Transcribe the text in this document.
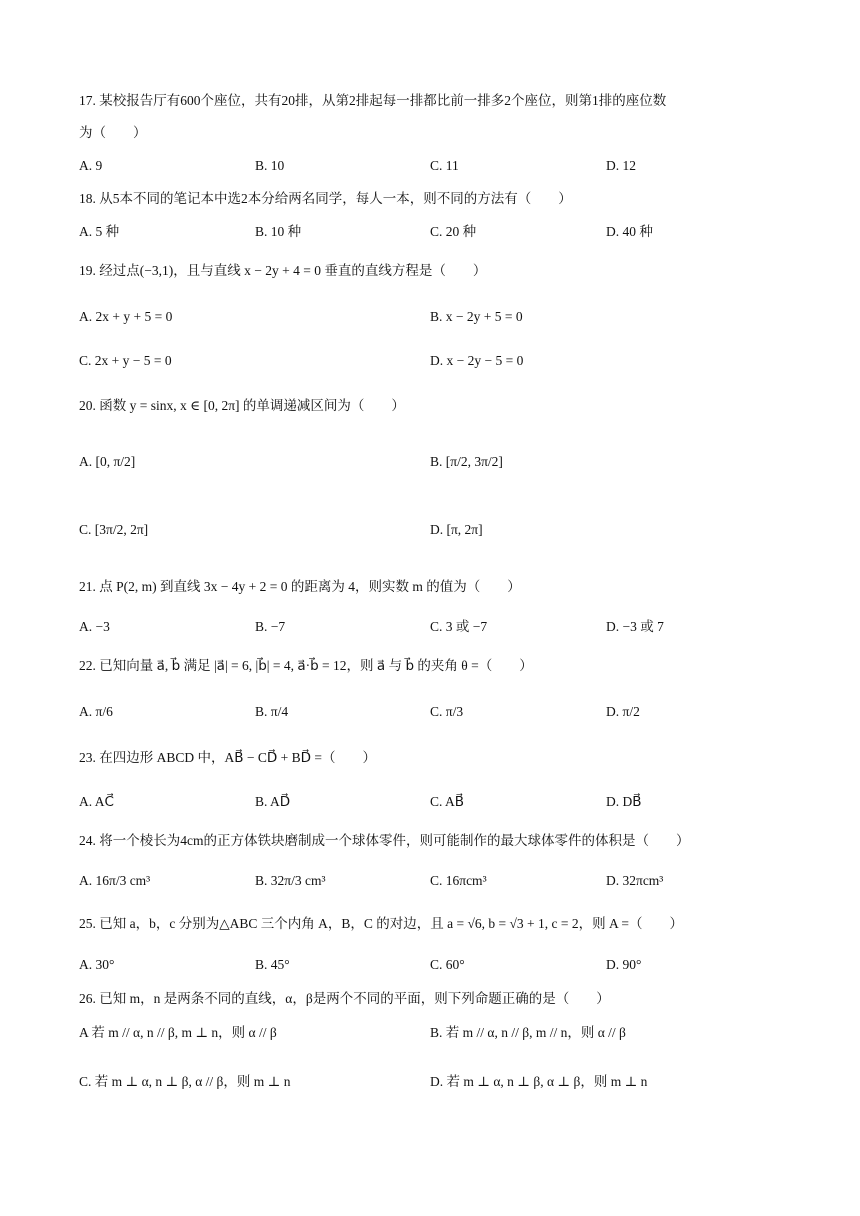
17. 某校报告厅有600个座位，共有20排，从第2排起每一排都比前一排多2个座位，则第1排的座位数
为（　　）
A. 9	B. 10	C. 11	D. 12
18. 从5本不同的笔记本中选2本分给两名同学，每人一本，则不同的方法有（　　）
A. 5 种	B. 10 种	C. 20 种	D. 40 种
19. 经过点(−3,1)，且与直线 x − 2y + 4 = 0 垂直的直线方程是（　　）
A. 2x + y + 5 = 0	B. x − 2y + 5 = 0
C. 2x + y − 5 = 0	D. x − 2y − 5 = 0
20. 函数 y = sinx, x ∈ [0, 2π] 的单调递减区间为（　　）
A. [0, π/2]	B. [π/2, 3π/2]
C. [3π/2, 2π]	D. [π, 2π]
21. 点 P(2, m) 到直线 3x − 4y + 2 = 0 的距离为 4，则实数 m 的值为（　　）
A. −3	B. −7	C. 3 或 −7	D. −3 或 7
22. 已知向量 a⃗, b⃗ 满足 |a⃗| = 6, |b⃗| = 4, a⃗·b⃗ = 12，则 a⃗ 与 b⃗ 的夹角 θ =（　　）
A. π/6	B. π/4	C. π/3	D. π/2
23. 在四边形 ABCD 中，AB⃗ − CD⃗ + BD⃗ =（　　）
A. AC⃗	B. AD⃗	C. AB⃗	D. DB⃗
24. 将一个棱长为4cm的正方体铁块磨制成一个球体零件，则可能制作的最大球体零件的体积是（　　）
A. 16π/3 cm³	B. 32π/3 cm³	C. 16πcm³	D. 32πcm³
25. 已知 a，b，c 分别为△ABC 三个内角 A，B，C 的对边，且 a = √6, b = √3 + 1, c = 2，则 A =（　　）
A. 30°	B. 45°	C. 60°	D. 90°
26. 已知 m，n 是两条不同的直线，α，β是两个不同的平面，则下列命题正确的是（　　）
A 若 m // α, n // β, m ⊥ n，则 α // β	B. 若 m // α, n // β, m // n，则 α // β
C. 若 m ⊥ α, n ⊥ β, α // β，则 m ⊥ n	D. 若 m ⊥ α, n ⊥ β, α ⊥ β，则 m ⊥ n
